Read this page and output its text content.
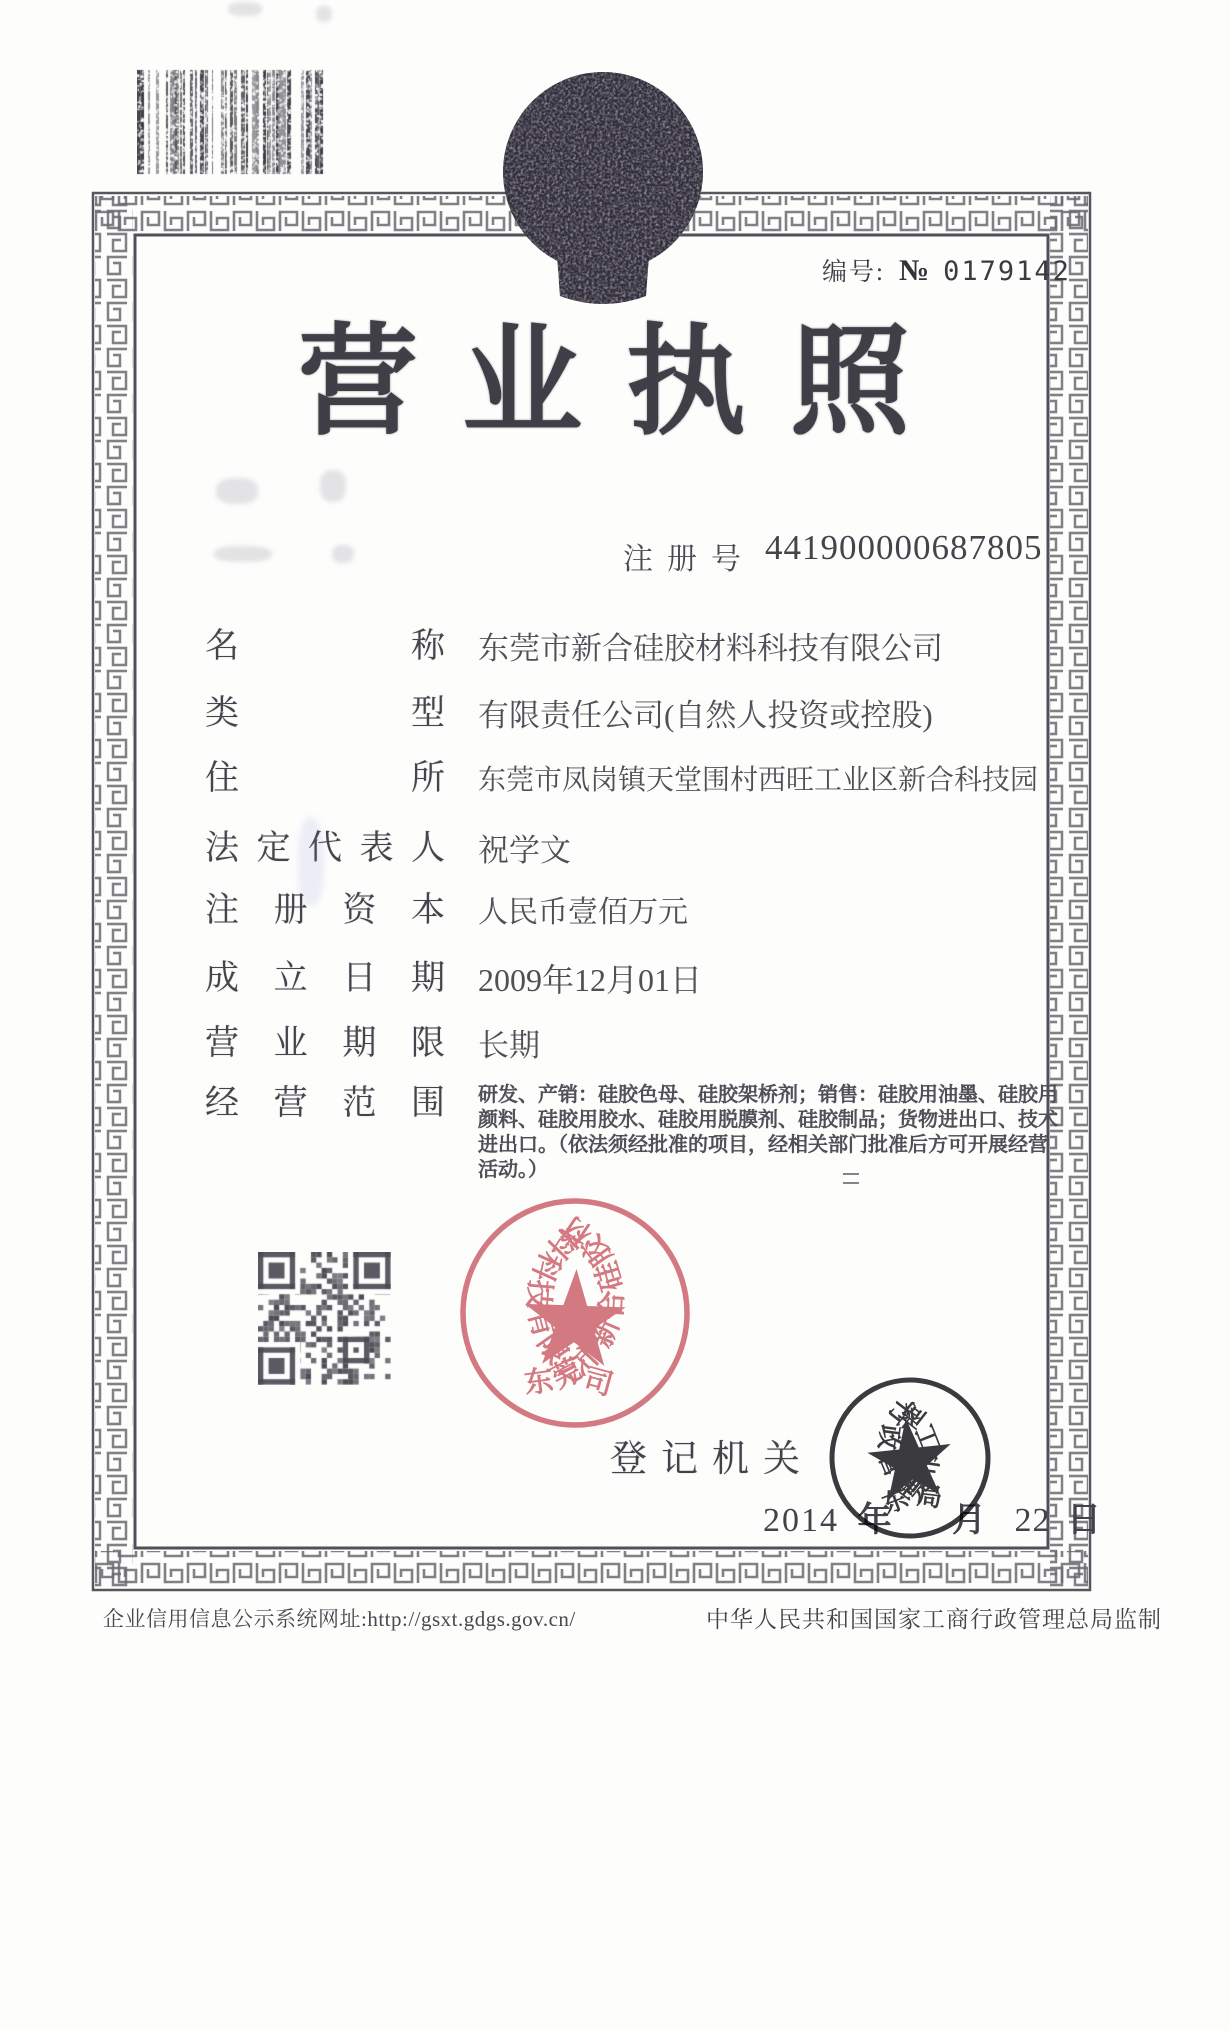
编号: № 0179142
营 业 执 照
注 册 号 441900000687805
名	称 东莞市新合硅胶材料科技有限公司
类	型 有限责任公司(自然人投资或控股)
住	所 东莞市凤岗镇天堂围村西旺工业区新合科技园
法 定 代 表 人 祝学文
注 册 资 本 人民币壹佰万元
成 立 日 期 2009年12月01日
营 业 期 限 长期
经 营 范 围 研发、产销：硅胶色母、硅胶架桥剂；销售：硅胶用油墨、硅胶用
颜料、硅胶用胶水、硅胶用脱膜剂、硅胶制品；货物进出口、技术
进出口。（依法须经批准的项目，经相关部门批准后方可开展经营
活动。）
登 记 机 关
2014 年 月 22 日
企业信用信息公示系统网址:http://gsxt.gdgs.gov.cn/	中华人民共和国国家工商行政管理总局监制
东莞市新合硅胶材料科技有限公司
东莞市工商行政管理局
